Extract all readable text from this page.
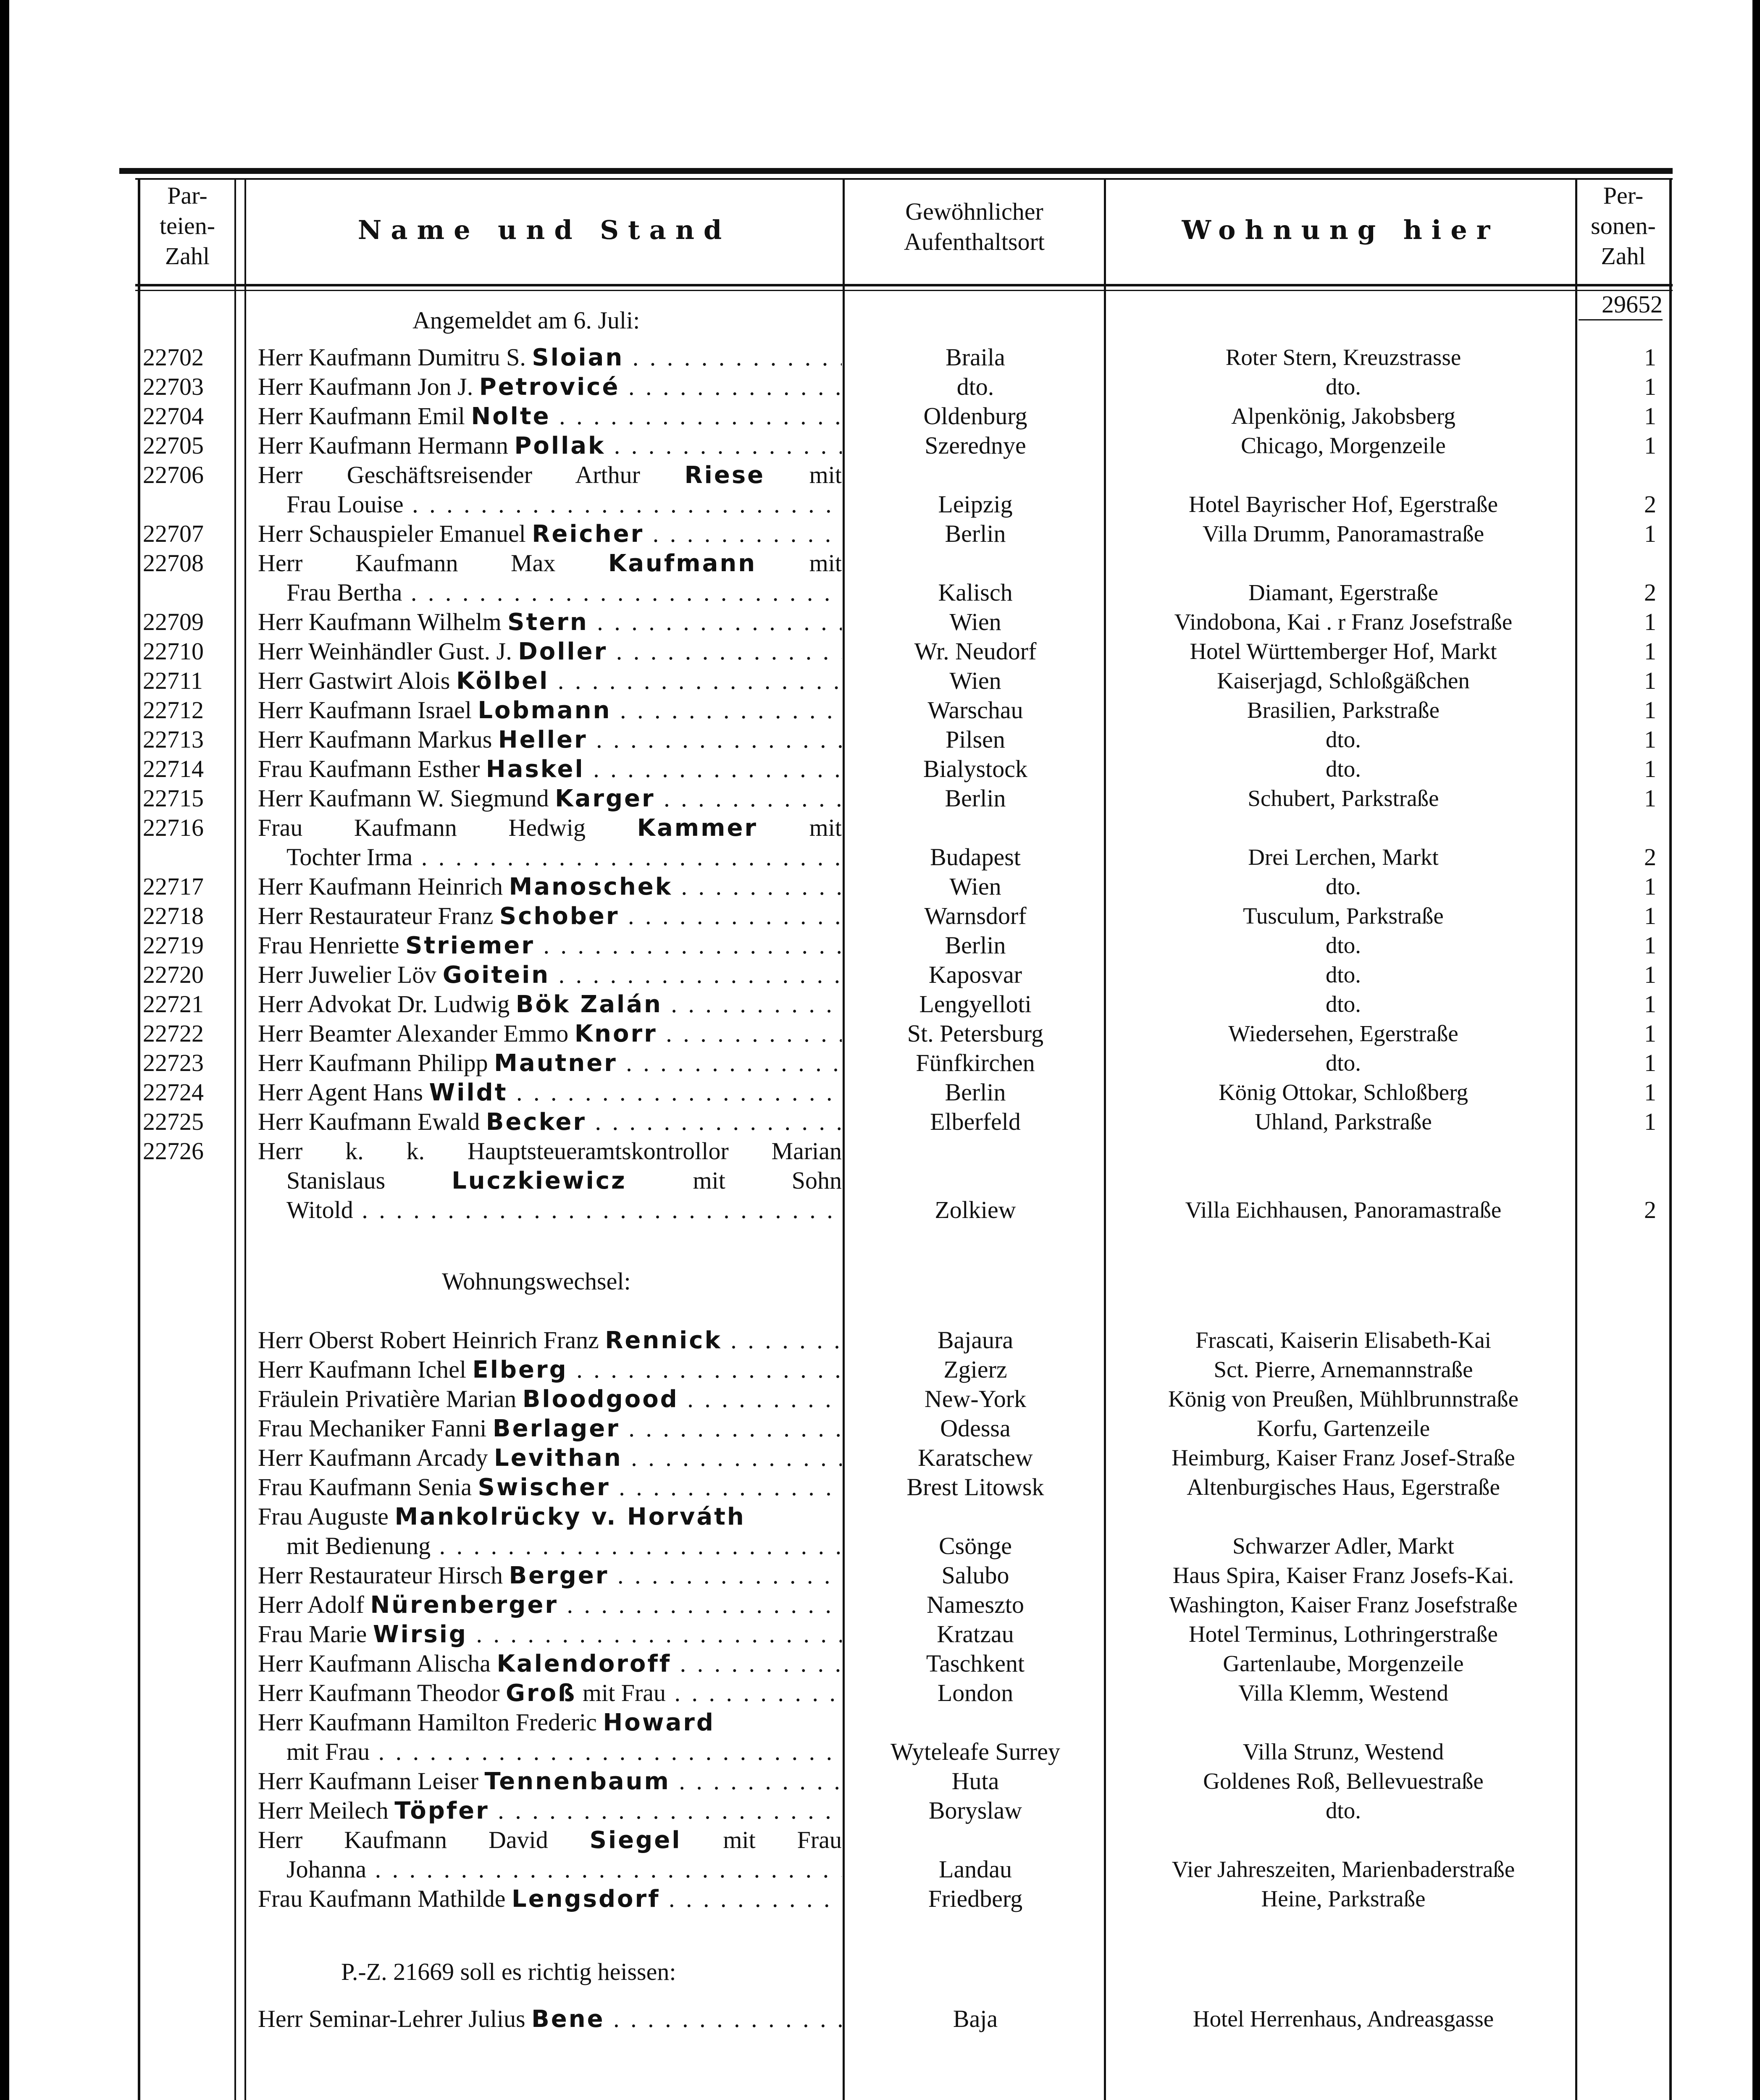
Par-
teien-
Zahl
Name und Stand
Gewöhnlicher
Aufenthaltsort	Wohnung hier
Per-
sonen-
Zahl
29652
Angemeldet am 6. Juli:
22702	Herr Kaufmann Dumitru S. Sloian . . .	Braila	Roter Stern, Kreuzstrasse	1
22703	Herr Kaufmann Jon J. Petrovicé . . .	dto.	dto.	1
22704	Herr Kaufmann Emil Nolte . . .	Oldenburg	Alpenkönig, Jakobsberg	1
22705	Herr Kaufmann Hermann Pollak . . .	Szerednye	Chicago, Morgenzeile	1
22706	Herr Geschäftsreisender Arthur Riese mit
Frau Louise . . .	Leipzig	Hotel Bayrischer Hof, Egerstraße	2
22707	Herr Schauspieler Emanuel Reicher . . .	Berlin	Villa Drumm, Panoramastraße	1
22708	Herr Kaufmann Max Kaufmann mit
Frau Bertha . . .	Kalisch	Diamant, Egerstraße	2
22709	Herr Kaufmann Wilhelm Stern . . .	Wien	Vindobona, Kai . r Franz Josefstraße	1
22710	Herr Weinhändler Gust. J. Doller . . .	Wr. Neudorf	Hotel Württemberger Hof, Markt	1
22711	Herr Gastwirt Alois Kölbel . . .	Wien	Kaiserjagd, Schloßgäßchen	1
22712	Herr Kaufmann Israel Lobmann . . .	Warschau	Brasilien, Parkstraße	1
22713	Herr Kaufmann Markus Heller . . .	Pilsen	dto.	1
22714	Frau Kaufmann Esther Haskel . . .	Bialystock	dto.	1
22715	Herr Kaufmann W. Siegmund Karger . . .	Berlin	Schubert, Parkstraße	1
22716	Frau Kaufmann Hedwig Kammer mit
Tochter Irma . . .	Budapest	Drei Lerchen, Markt	2
22717	Herr Kaufmann Heinrich Manoschek . . .	Wien	dto.	1
22718	Herr Restaurateur Franz Schober . . .	Warnsdorf	Tusculum, Parkstraße	1
22719	Frau Henriette Striemer . . .	Berlin	dto.	1
22720	Herr Juwelier Löv Goitein . . .	Kaposvar	dto.	1
22721	Herr Advokat Dr. Ludwig Bök Zalán . . .	Lengyelloti	dto.	1
22722	Herr Beamter Alexander Emmo Knorr . . .	St. Petersburg	Wiedersehen, Egerstraße	1
22723	Herr Kaufmann Philipp Mautner . . .	Fünfkirchen	dto.	1
22724	Herr Agent Hans Wildt . . .	Berlin	König Ottokar, Schloßberg	1
22725	Herr Kaufmann Ewald Becker . . .	Elberfeld	Uhland, Parkstraße	1
22726	Herr k. k. Hauptsteueramtskontrollor Marian
Stanislaus Luczkiewicz mit Sohn
Witold . . .	Zolkiew	Villa Eichhausen, Panoramastraße	2
Wohnungswechsel:
Herr Oberst Robert Heinrich Franz Rennick . . .	Bajaura	Frascati, Kaiserin Elisabeth-Kai
Herr Kaufmann Ichel Elberg . . .	Zgierz	Sct. Pierre, Arnemannstraße
Fräulein Privatière Marian Bloodgood . . .	New-York	König von Preußen, Mühlbrunnstraße
Frau Mechaniker Fanni Berlager . . .	Odessa	Korfu, Gartenzeile
Herr Kaufmann Arcady Levithan . . .	Karatschew	Heimburg, Kaiser Franz Josef-Straße
Frau Kaufmann Senia Swischer . . .	Brest Litowsk	Altenburgisches Haus, Egerstraße
Frau Auguste Mankolrücky v. Horváth
mit Bedienung . . .	Csönge	Schwarzer Adler, Markt
Herr Restaurateur Hirsch Berger . . .	Salubo	Haus Spira, Kaiser Franz Josefs-Kai.
Herr Adolf Nürenberger . . .	Nameszto	Washington, Kaiser Franz Josefstraße
Frau Marie Wirsig . . .	Kratzau	Hotel Terminus, Lothringerstraße
Herr Kaufmann Alischa Kalendoroff . . .	Taschkent	Gartenlaube, Morgenzeile
Herr Kaufmann Theodor Groß mit Frau . . .	London	Villa Klemm, Westend
Herr Kaufmann Hamilton Frederic Howard
mit Frau . . .	Wyteleafe Surrey	Villa Strunz, Westend
Herr Kaufmann Leiser Tennenbaum . . .	Huta	Goldenes Roß, Bellevuestraße
Herr Meilech Töpfer . . .	Boryslaw	dto.
Herr Kaufmann David Siegel mit Frau
Johanna . . .	Landau	Vier Jahreszeiten, Marienbaderstraße
Frau Kaufmann Mathilde Lengsdorf . . .	Friedberg	Heine, Parkstraße
P.-Z. 21669 soll es richtig heissen:
Herr Seminar-Lehrer Julius Bene . . .	Baja	Hotel Herrenhaus, Andreasgasse
